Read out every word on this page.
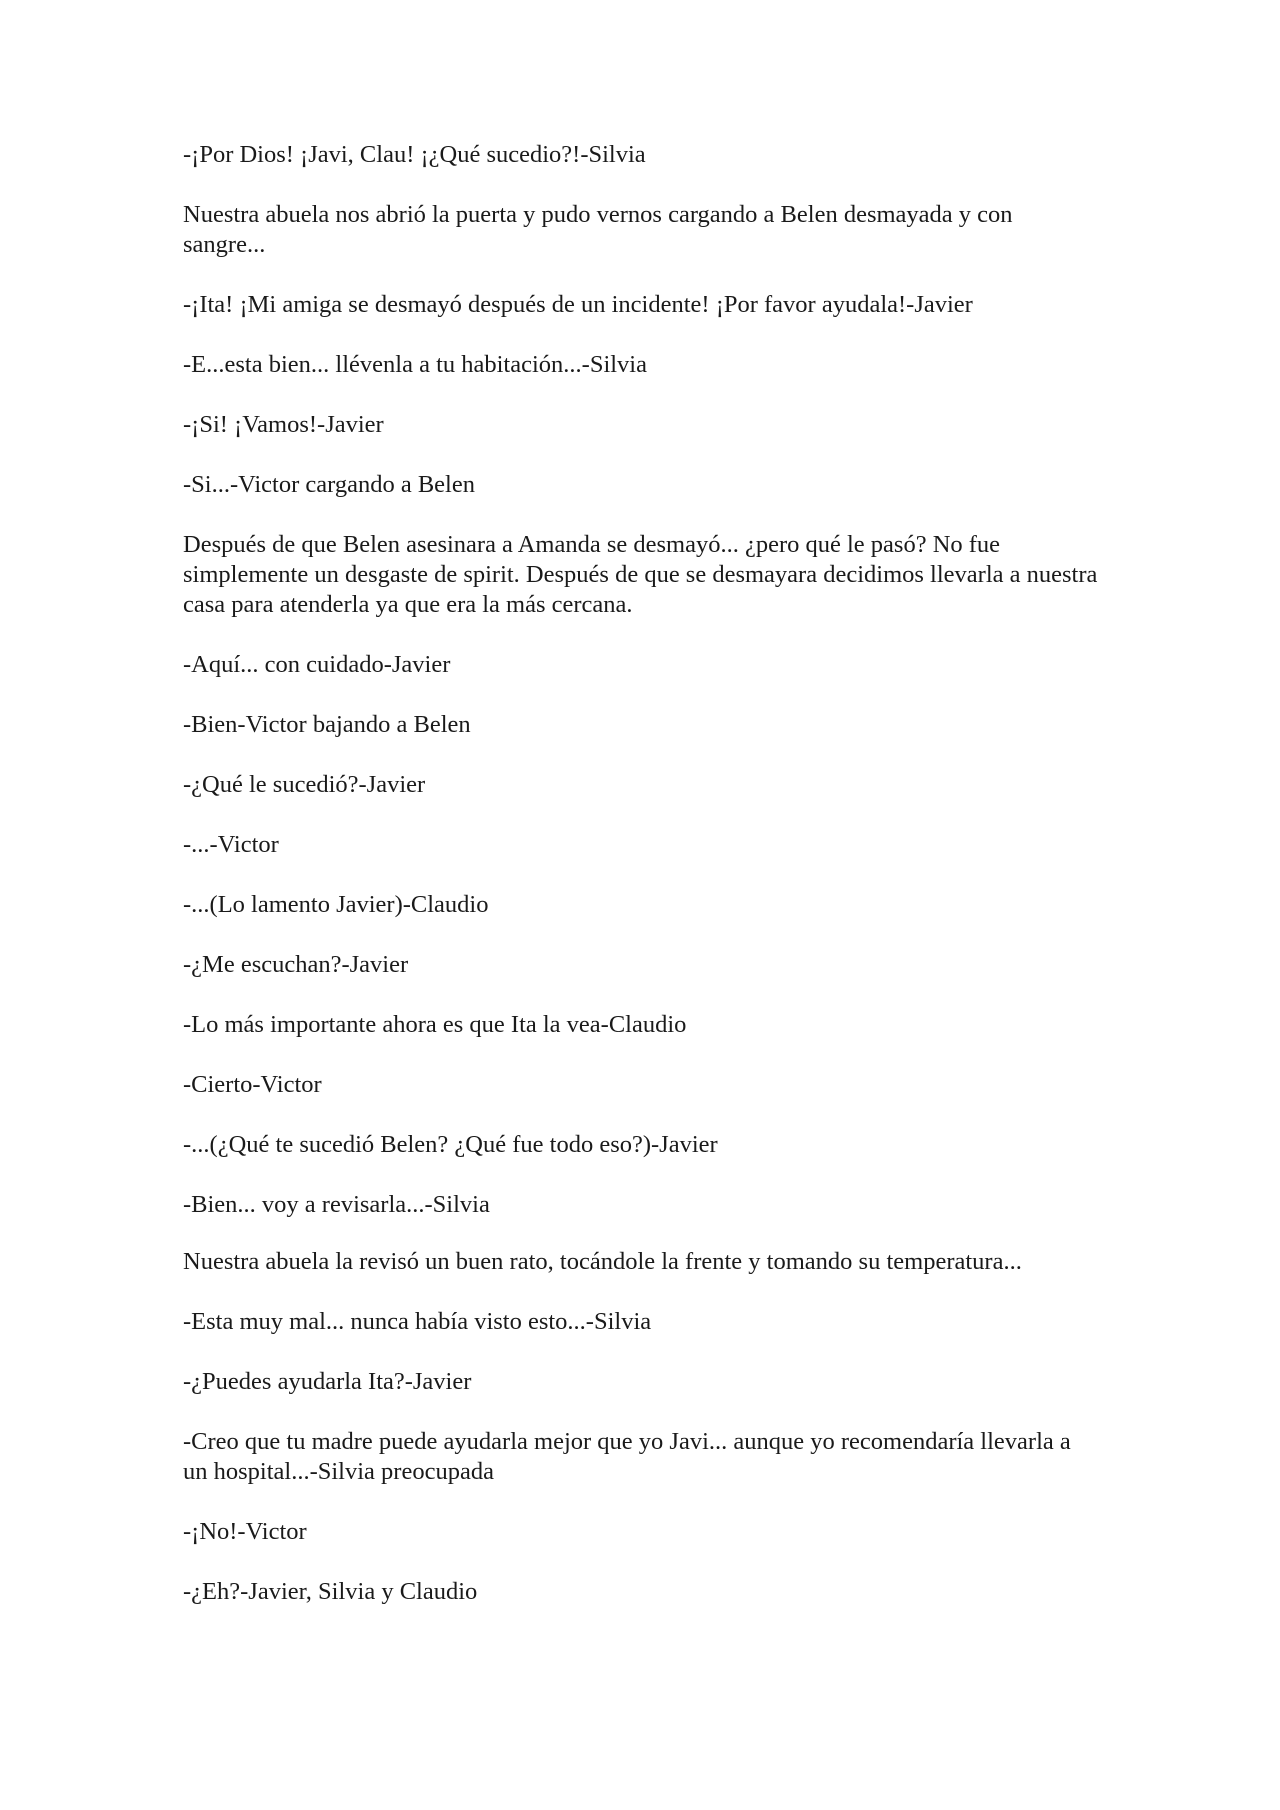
-¡Por Dios! ¡Javi, Clau! ¡¿Qué sucedio?!-Silvia

Nuestra abuela nos abrió la puerta y pudo vernos cargando a Belen desmayada y con sangre...

-¡Ita! ¡Mi amiga se desmayó después de un incidente! ¡Por favor ayudala!-Javier

-E...esta bien... llévenla a tu habitación...-Silvia

-¡Si! ¡Vamos!-Javier

-Si...-Victor cargando a Belen

Después de que Belen asesinara a Amanda se desmayó... ¿pero qué le pasó? No fue simplemente un desgaste de spirit. Después de que se desmayara decidimos llevarla a nuestra casa para atenderla ya que era la más cercana.

-Aquí... con cuidado-Javier

-Bien-Victor bajando a Belen

-¿Qué le sucedió?-Javier

-...-Victor

-...(Lo lamento Javier)-Claudio

-¿Me escuchan?-Javier

-Lo más importante ahora es que Ita la vea-Claudio

-Cierto-Victor

-...(¿Qué te sucedió Belen? ¿Qué fue todo eso?)-Javier

-Bien... voy a revisarla...-Silvia

Nuestra abuela la revisó un buen rato, tocándole la frente y tomando su temperatura...

-Esta muy mal... nunca había visto esto...-Silvia

-¿Puedes ayudarla Ita?-Javier

-Creo que tu madre puede ayudarla mejor que yo Javi... aunque yo recomendaría llevarla a un hospital...-Silvia preocupada

-¡No!-Victor

-¿Eh?-Javier, Silvia y Claudio
